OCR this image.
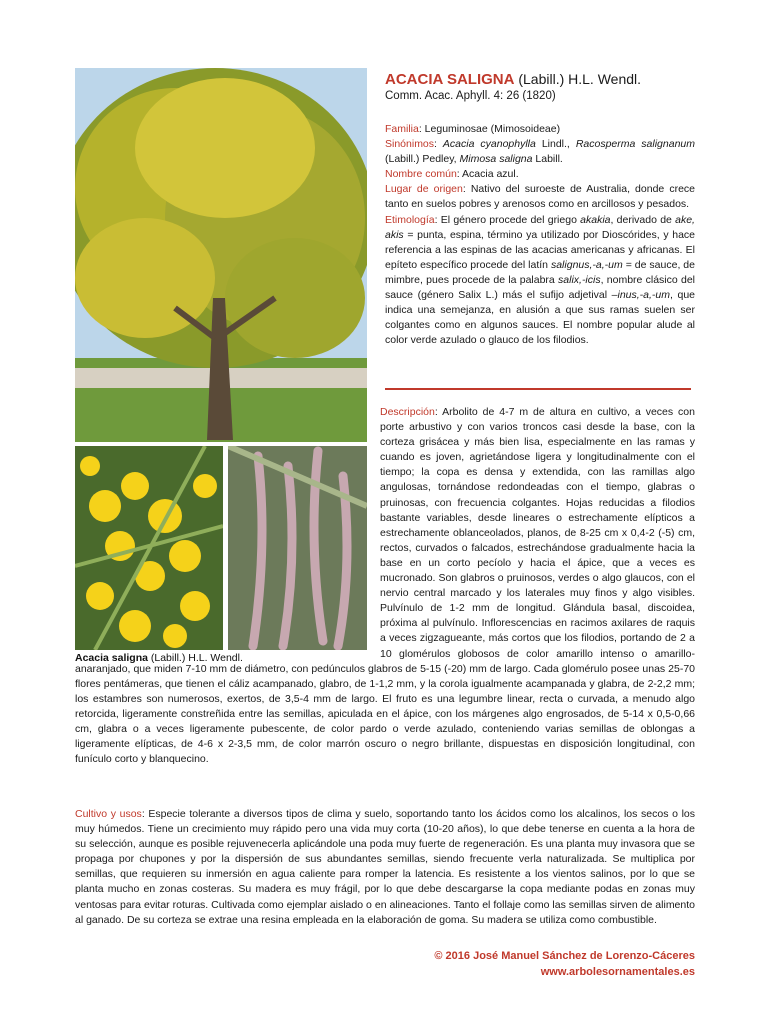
Acacia saligna (Labill.) H.L. Wendl.
ACACIA SALIGNA (Labill.) H.L. Wendl.
Comm. Acac. Aphyll. 4: 26 (1820)

Familia: Leguminosae (Mimosoideae)

Sinónimos: Acacia cyanophylla Lindl., Racosperma salignanum (Labill.) Pedley, Mimosa saligna Labill.

Nombre común: Acacia azul.

Lugar de origen: Nativo del suroeste de Australia, donde crece tanto en suelos pobres y arenosos como en arcillosos y pesados.

Etimología: El género procede del griego akakia, derivado de ake, akis = punta, espina, término ya utilizado por Dioscórides, y hace referencia a las espinas de las acacias americanas y africanas. El epíteto específico procede del latín salignus,-a,-um = de sauce, de mimbre, pues procede de la palabra salix,-icis, nombre clásico del sauce (género Salix L.) más el sufijo adjetival –inus,-a,-um, que indica una semejanza, en alusión a que sus ramas suelen ser colgantes como en algunos sauces. El nombre popular alude al color verde azulado o glauco de los filodios.

Descripción: Arbolito de 4-7 m de altura en cultivo, a veces con porte arbustivo y con varios troncos casi desde la base, con la corteza grisácea y más bien lisa, especialmente en las ramas y cuando es joven, agrietándose ligera y longitudinalmente con el tiempo; la copa es densa y extendida, con las ramillas algo angulosas, tornándose redondeadas con el tiempo, glabras o pruinosas, con frecuencia colgantes. Hojas reducidas a filodios bastante variables, desde lineares o estrechamente elípticos a estrechamente oblanceolados, planos, de 8-25 cm x 0,4-2 (-5) cm, rectos, curvados o falcados, estrechándose gradualmente hacia la base en un corto pecíolo y hacia el ápice, que a veces es mucronado. Son glabros o pruinosos, verdes o algo glaucos, con el nervio central marcado y los laterales muy finos y algo visibles. Pulvínulo de 1-2 mm de longitud. Glándula basal, discoidea, próxima al pulvínulo. Inflorescencias en racimos axilares de raquis a veces zigzagueante, más cortos que los filodios, portando de 2 a 10 glomérulos globosos de color amarillo intenso o amarillo-anaranjado, que miden 7-10 mm de diámetro, con pedúnculos glabros de 5-15 (-20) mm de largo. Cada glomérulo posee unas 25-70 flores pentámeras, que tienen el cáliz acampanado, glabro, de 1-1,2 mm, y la corola igualmente acampanada y glabra, de 2-2,2 mm; los estambres son numerosos, exertos, de 3,5-4 mm de largo. El fruto es una legumbre linear, recta o curvada, a menudo algo retorcida, ligeramente constreñida entre las semillas, apiculada en el ápice, con los márgenes algo engrosados, de 5-14 x 0,5-0,66 cm, glabra o a veces ligeramente pubescente, de color pardo o verde azulado, conteniendo varias semillas de oblongas a ligeramente elípticas, de 4-6 x 2-3,5 mm, de color marrón oscuro o negro brillante, dispuestas en disposición longitudinal, con funículo corto y blanquecino.

Cultivo y usos: Especie tolerante a diversos tipos de clima y suelo, soportando tanto los ácidos como los alcalinos, los secos o los muy húmedos. Tiene un crecimiento muy rápido pero una vida muy corta (10-20 años), lo que debe tenerse en cuenta a la hora de su selección, aunque es posible rejuvenecerla aplicándole una poda muy fuerte de regeneración. Es una planta muy invasora que se propaga por chupones y por la dispersión de sus abundantes semillas, siendo frecuente verla naturalizada. Se multiplica por semillas, que requieren su inmersión en agua caliente para romper la latencia. Es resistente a los vientos salinos, por lo que se planta mucho en zonas costeras. Su madera es muy frágil, por lo que debe descargarse la copa mediante podas en zonas muy ventosas para evitar roturas. Cultivada como ejemplar aislado o en alineaciones. Tanto el follaje como las semillas sirven de alimento al ganado. De su corteza se extrae una resina empleada en la elaboración de goma. Su madera se utiliza como combustible.

© 2016 José Manuel Sánchez de Lorenzo-Cáceres
www.arbolesornamentales.es
